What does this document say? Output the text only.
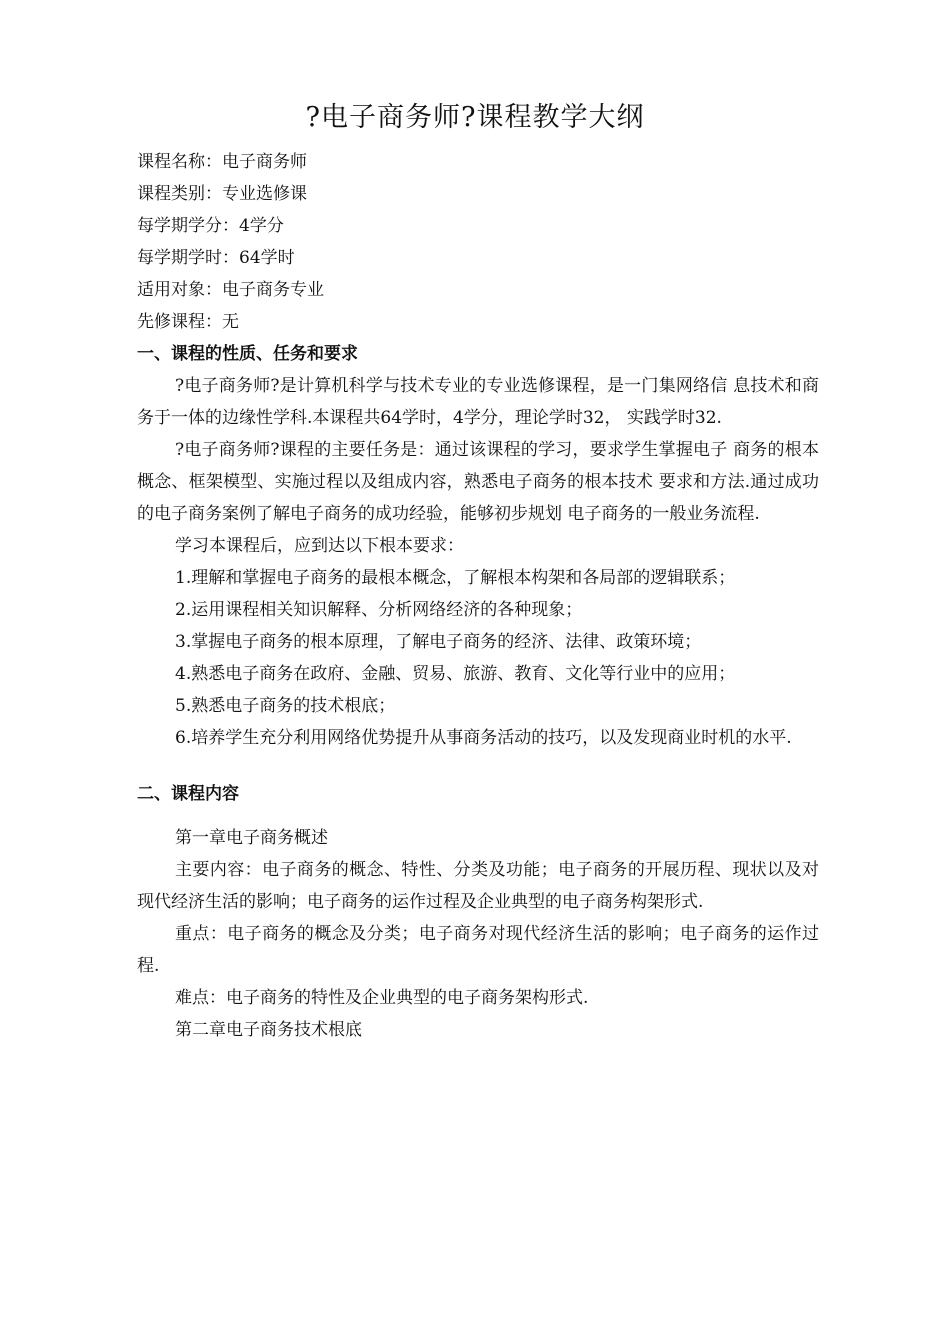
?电子商务师?课程教学大纲
课程名称：电子商务师
课程类别：专业选修课
每学期学分：4学分
每学期学时：64学时
适用对象：电子商务专业
先修课程：无
一、课程的性质、任务和要求

?电子商务师?是计算机科学与技术专业的专业选修课程，是一门集网络信 息技术和商务于一体的边缘性学科.本课程共64学时，4学分，理论学时32， 实践学时32.

?电子商务师?课程的主要任务是：通过该课程的学习，要求学生掌握电子 商务的根本概念、框架模型、实施过程以及组成内容，熟悉电子商务的根本技术 要求和方法.通过成功的电子商务案例了解电子商务的成功经验，能够初步规划 电子商务的一般业务流程.

学习本课程后，应到达以下根本要求：

1.理解和掌握电子商务的最根本概念，了解根本构架和各局部的逻辑联系；
2.运用课程相关知识解释、分析网络经济的各种现象；
3.掌握电子商务的根本原理，了解电子商务的经济、法律、政策环境；
4.熟悉电子商务在政府、金融、贸易、旅游、教育、文化等行业中的应用；
5.熟悉电子商务的技术根底；
6.培养学生充分利用网络优势提升从事商务活动的技巧，以及发现商业时机的水平.
二、课程内容

第一章电子商务概述

主要内容：电子商务的概念、特性、分类及功能；电子商务的开展历程、现状以及对现代经济生活的影响；电子商务的运作过程及企业典型的电子商务构架形式.

重点：电子商务的概念及分类；电子商务对现代经济生活的影响；电子商务的运作过程.

难点：电子商务的特性及企业典型的电子商务架构形式.

第二章电子商务技术根底
